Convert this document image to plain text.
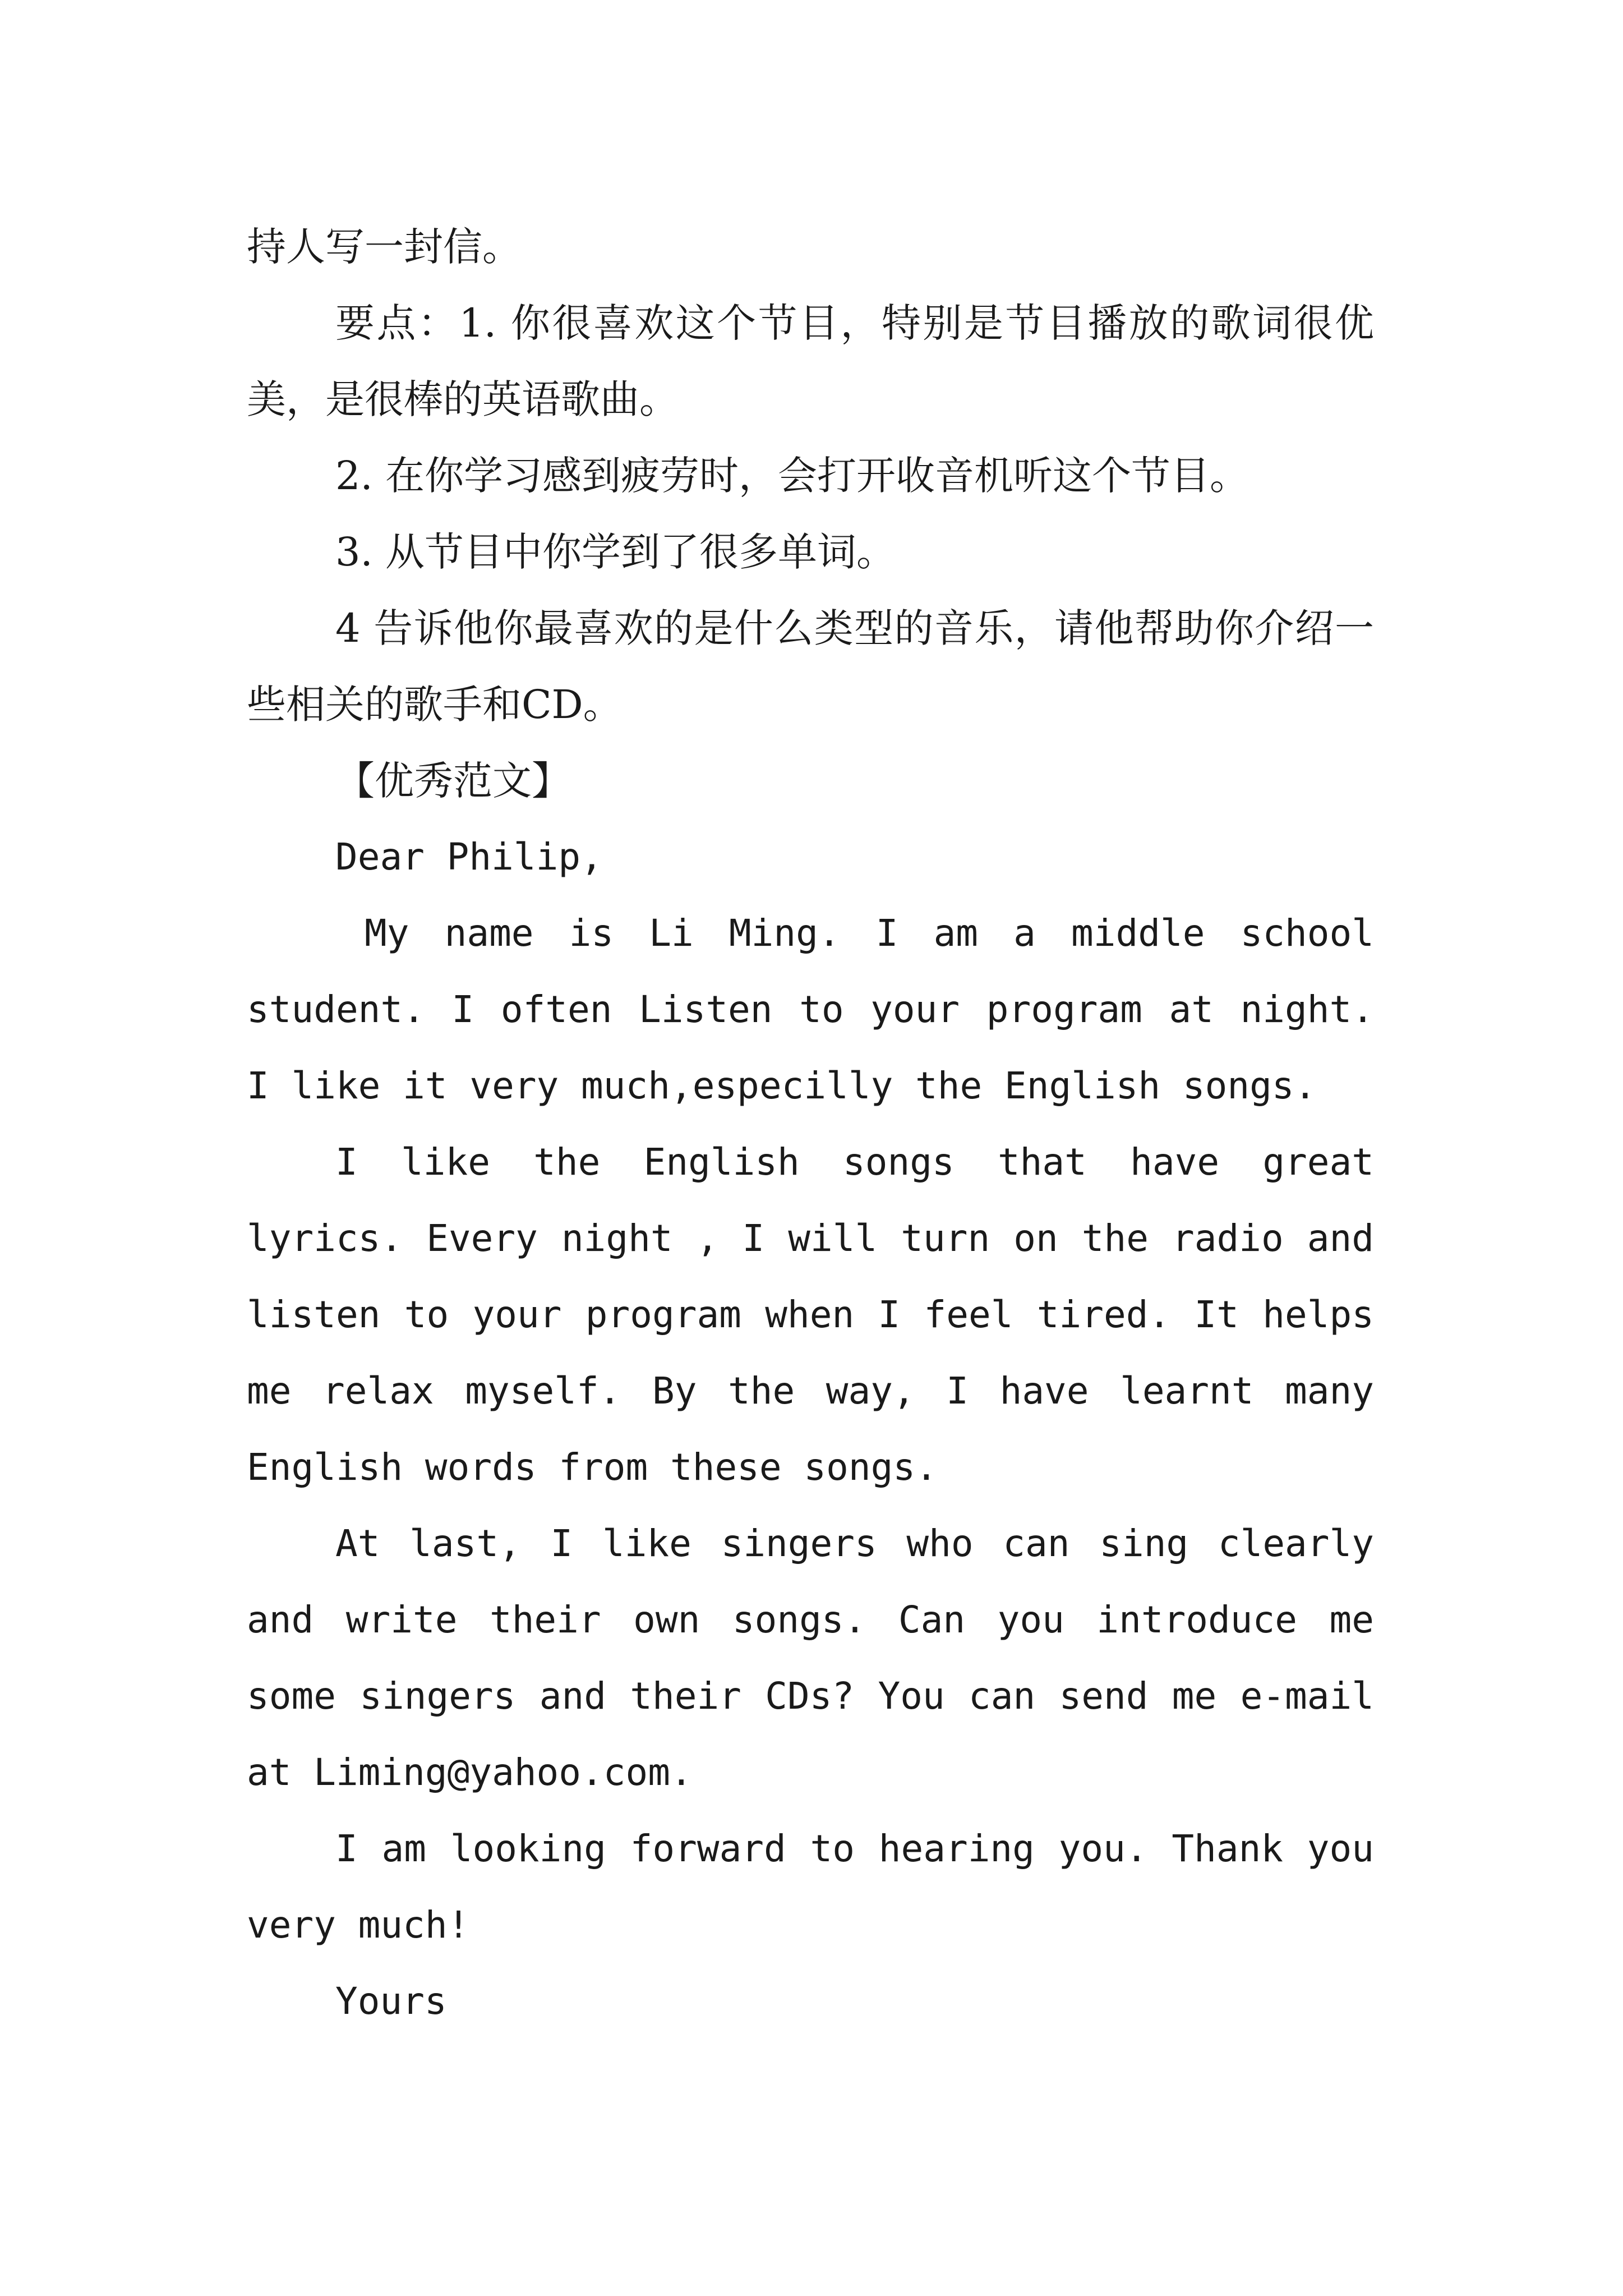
持人写一封信。

要点：1. 你很喜欢这个节目，特别是节目播放的歌词很优美，是很棒的英语歌曲。

2. 在你学习感到疲劳时，会打开收音机听这个节目。

3. 从节目中你学到了很多单词。

4 告诉他你最喜欢的是什么类型的音乐，请他帮助你介绍一些相关的歌手和CD。

【优秀范文】

Dear Philip,

My name is Li Ming. I am a middle school student. I often Listen to your program at night. I like it very much,especilly the English songs.

I like the English songs that have great lyrics. Every night , I will turn on the radio and listen to your program when I feel tired. It helps me relax myself. By the way, I have learnt many English words from these songs.

At last, I like singers who can sing clearly and write their own songs. Can you introduce me some singers and their CDs? You can send me e-mail at Liming@yahoo.com.

I am looking forward to hearing you. Thank you very much!

Yours
